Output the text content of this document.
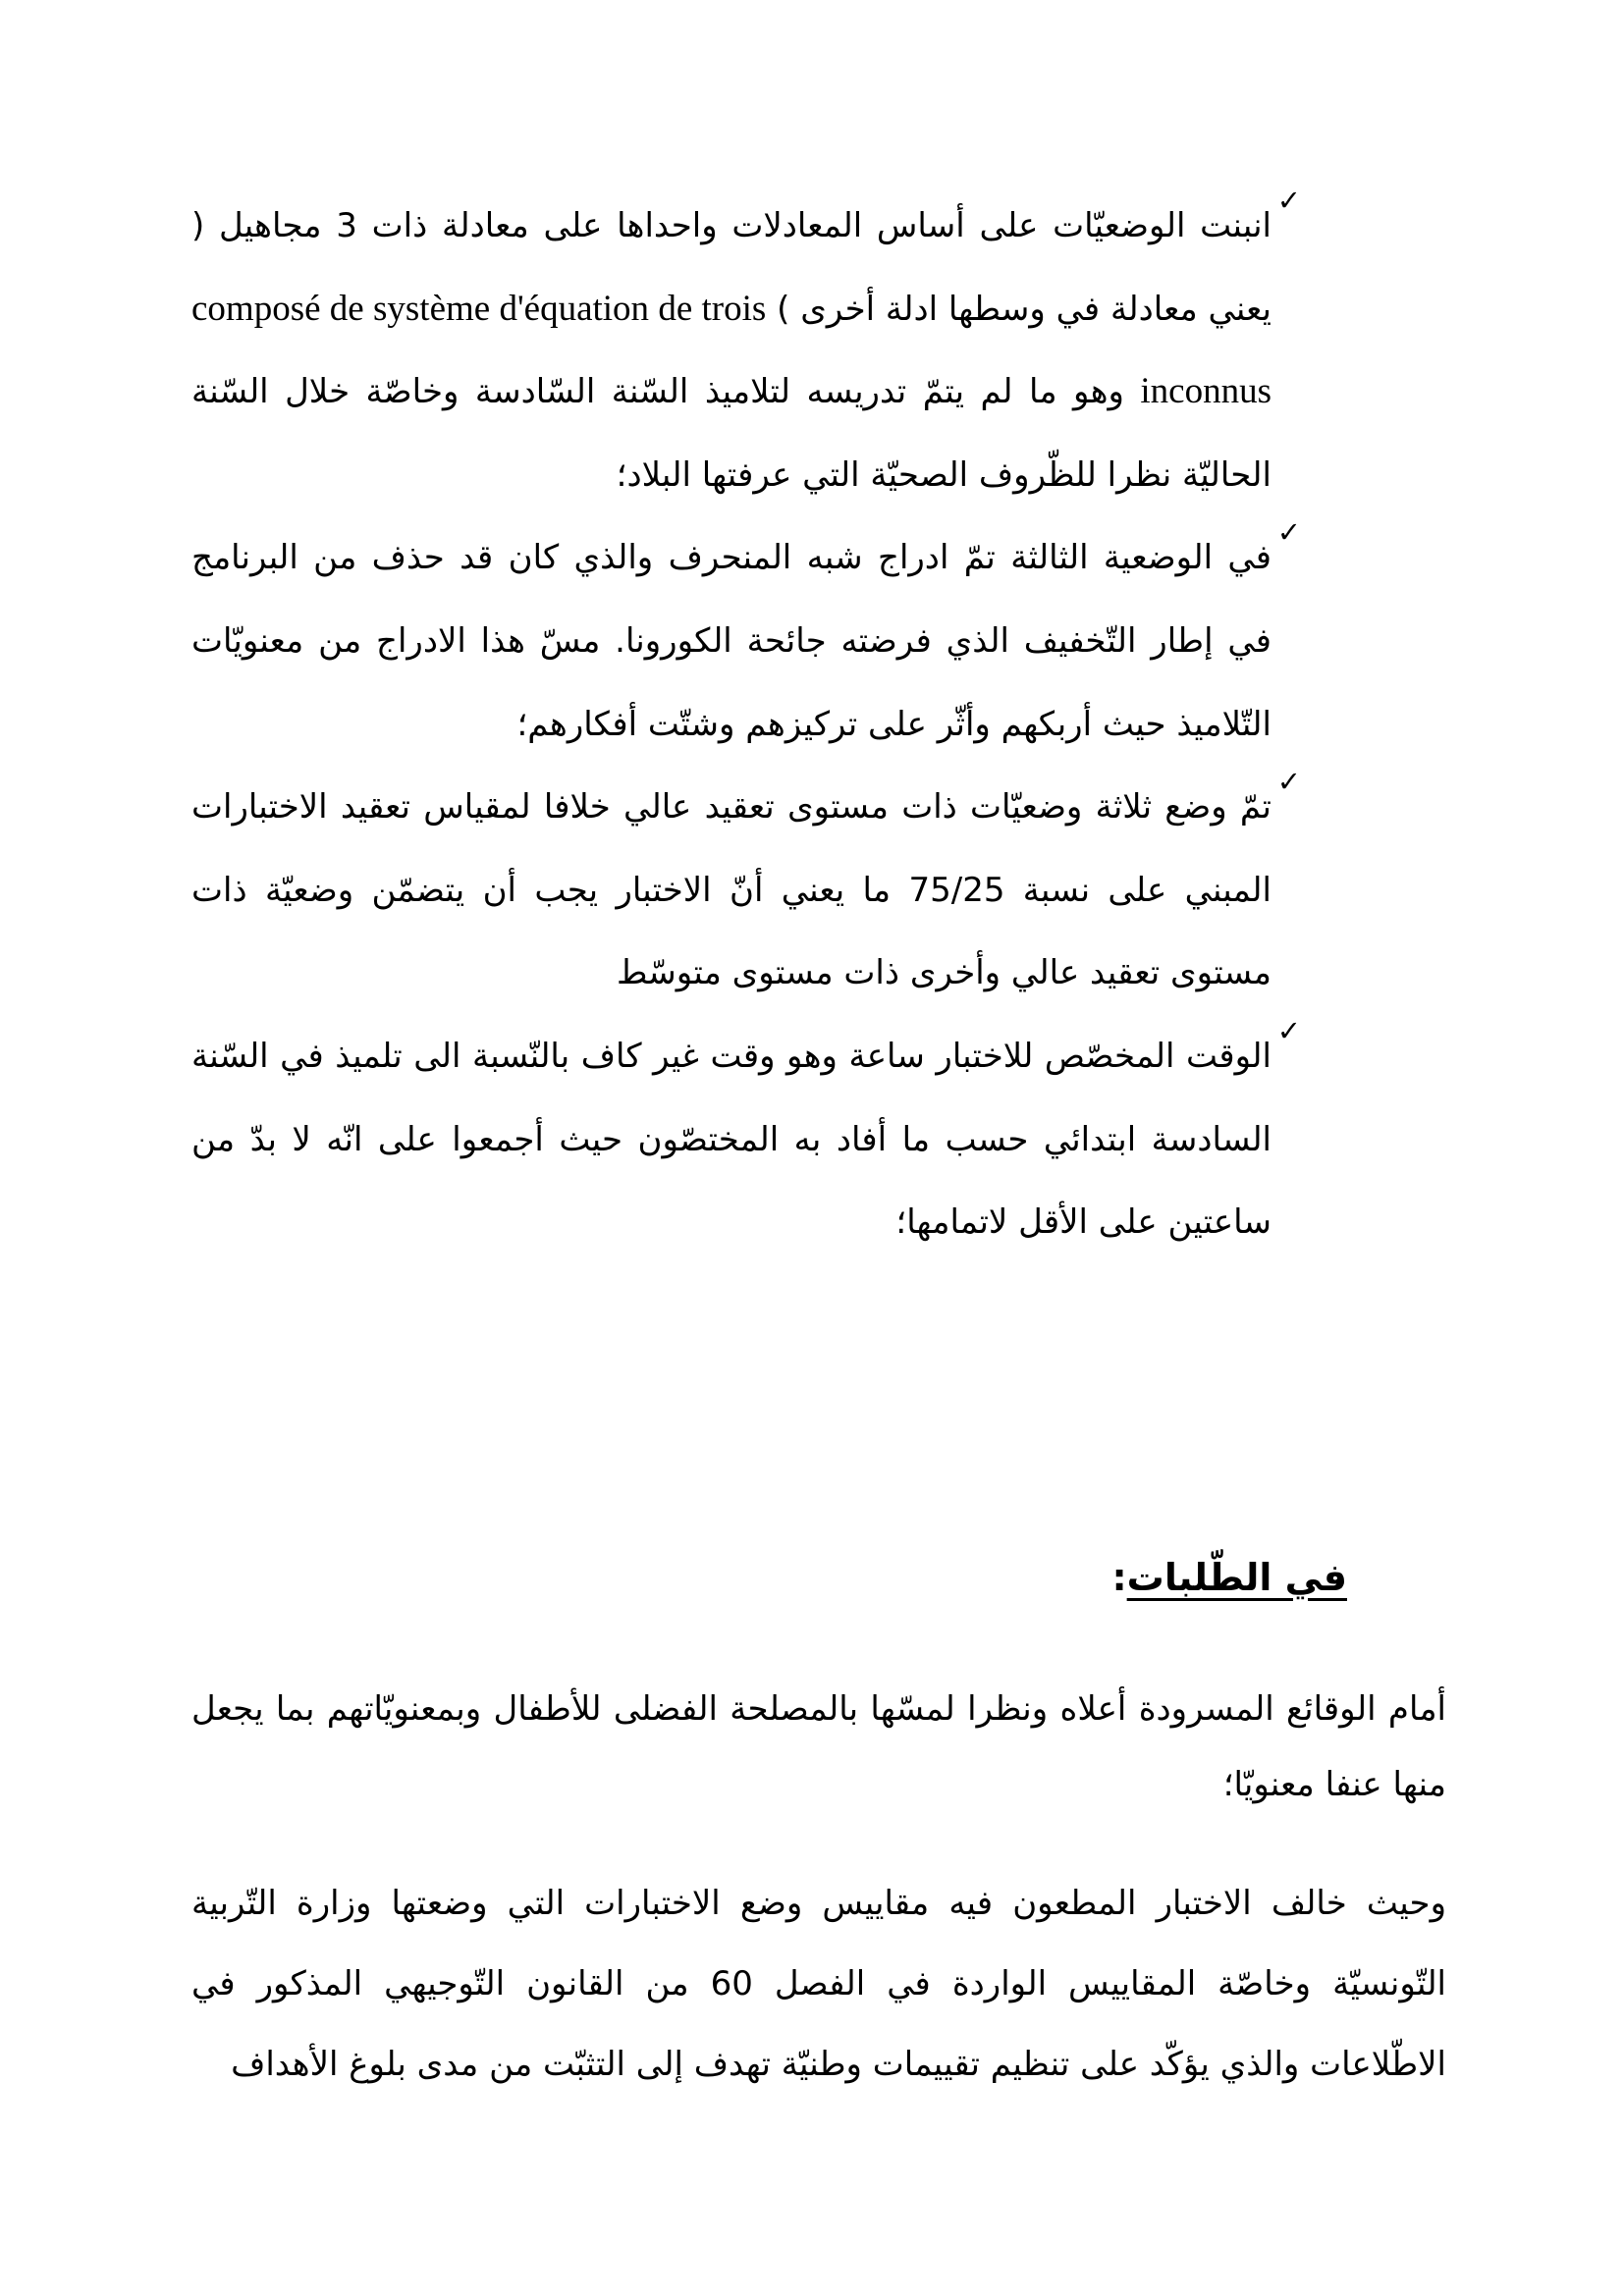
✓

انبنت الوضعيّات على أساس المعادلات واحداها على معادلة ذات 3 مجاهيل ( يعني معادلة في وسطها ادلة أخرى ) composé de système d'équation de trois inconnus وهو ما لم يتمّ تدريسه لتلاميذ السّنة السّادسة وخاصّة خلال السّنة الحاليّة نظرا للظّروف الصحيّة التي عرفتها البلاد؛

✓

في الوضعية الثالثة تمّ ادراج شبه المنحرف والذي كان قد حذف من البرنامج في إطار التّخفيف الذي فرضته جائحة الكورونا. مسّ هذا الادراج من معنويّات التّلاميذ حيث أربكهم وأثّر على تركيزهم وشتّت أفكارهم؛

✓

تمّ وضع ثلاثة وضعيّات ذات مستوى تعقيد عالي خلافا لمقياس تعقيد الاختبارات المبني على نسبة 75/25 ما يعني أنّ الاختبار يجب أن يتضمّن وضعيّة ذات مستوى تعقيد عالي وأخرى ذات مستوى متوسّط

✓

الوقت المخصّص للاختبار ساعة وهو وقت غير كاف بالنّسبة الى تلميذ في السّنة السادسة ابتدائي حسب ما أفاد به المختصّون حيث أجمعوا على انّه لا بدّ من ساعتين على الأقل لاتمامها؛

في الطّلبات:

أمام الوقائع المسرودة أعلاه ونظرا لمسّها بالمصلحة الفضلى للأطفال وبمعنويّاتهم بما يجعل منها عنفا معنويّا؛

وحيث خالف الاختبار المطعون فيه مقاييس وضع الاختبارات التي وضعتها وزارة التّربية التّونسيّة وخاصّة المقاييس الواردة في الفصل 60 من القانون التّوجيهي المذكور في الاطّلاعات والذي يؤكّد على تنظيم تقييمات وطنيّة تهدف إلى التثبّت من مدى بلوغ الأهداف
